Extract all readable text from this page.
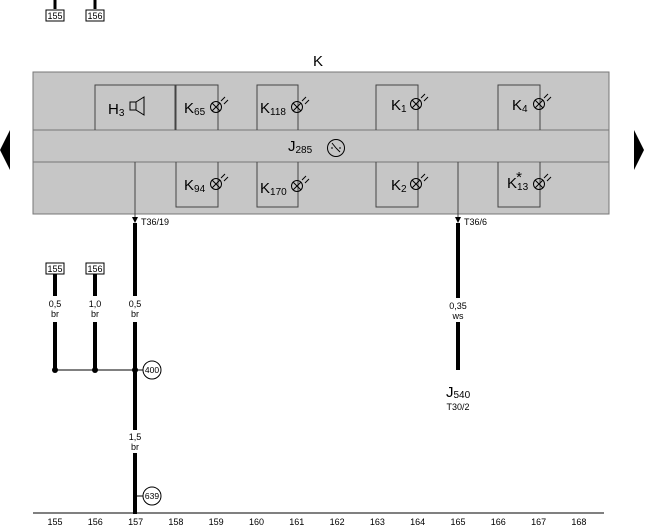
155	156
K
H3	K65	K118	K1	K4
J285
K94	K170	K2
*
K13
T36/19	T36/6
155	156
0,5
br
1,0
br
0,5
br
0,35
ws
1,5
br
400
639
J540
T30/2
155	156	157	158	159	160	161	162	163	164	165	166	167	168
